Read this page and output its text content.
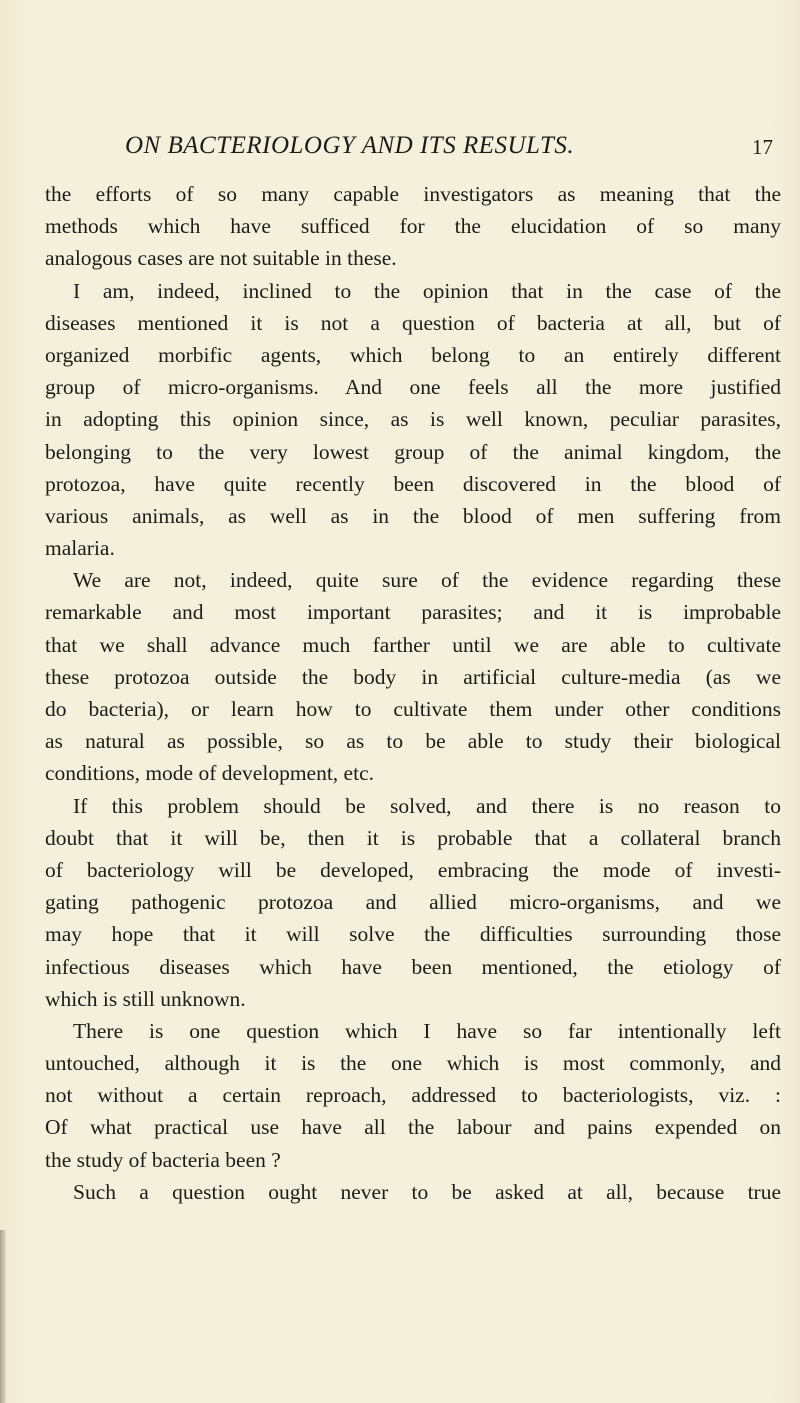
ON BACTERIOLOGY AND ITS RESULTS.	17
the efforts of so many capable investigators as meaning that the
methods which have sufficed for the elucidation of so many
analogous cases are not suitable in these.
I am, indeed, inclined to the opinion that in the case of the
diseases mentioned it is not a question of bacteria at all, but of
organized morbific agents, which belong to an entirely different
group of micro-organisms. And one feels all the more justified
in adopting this opinion since, as is well known, peculiar parasites,
belonging to the very lowest group of the animal kingdom, the
protozoa, have quite recently been discovered in the blood of
various animals, as well as in the blood of men suffering from
malaria.
We are not, indeed, quite sure of the evidence regarding these
remarkable and most important parasites; and it is improbable
that we shall advance much farther until we are able to cultivate
these protozoa outside the body in artificial culture-media (as we
do bacteria), or learn how to cultivate them under other conditions
as natural as possible, so as to be able to study their biological
conditions, mode of development, etc.
If this problem should be solved, and there is no reason to
doubt that it will be, then it is probable that a collateral branch
of bacteriology will be developed, embracing the mode of investi-
gating pathogenic protozoa and allied micro-organisms, and we
may hope that it will solve the difficulties surrounding those
infectious diseases which have been mentioned, the etiology of
which is still unknown.
There is one question which I have so far intentionally left
untouched, although it is the one which is most commonly, and
not without a certain reproach, addressed to bacteriologists, viz. :
Of what practical use have all the labour and pains expended on
the study of bacteria been ?
Such a question ought never to be asked at all, because true
